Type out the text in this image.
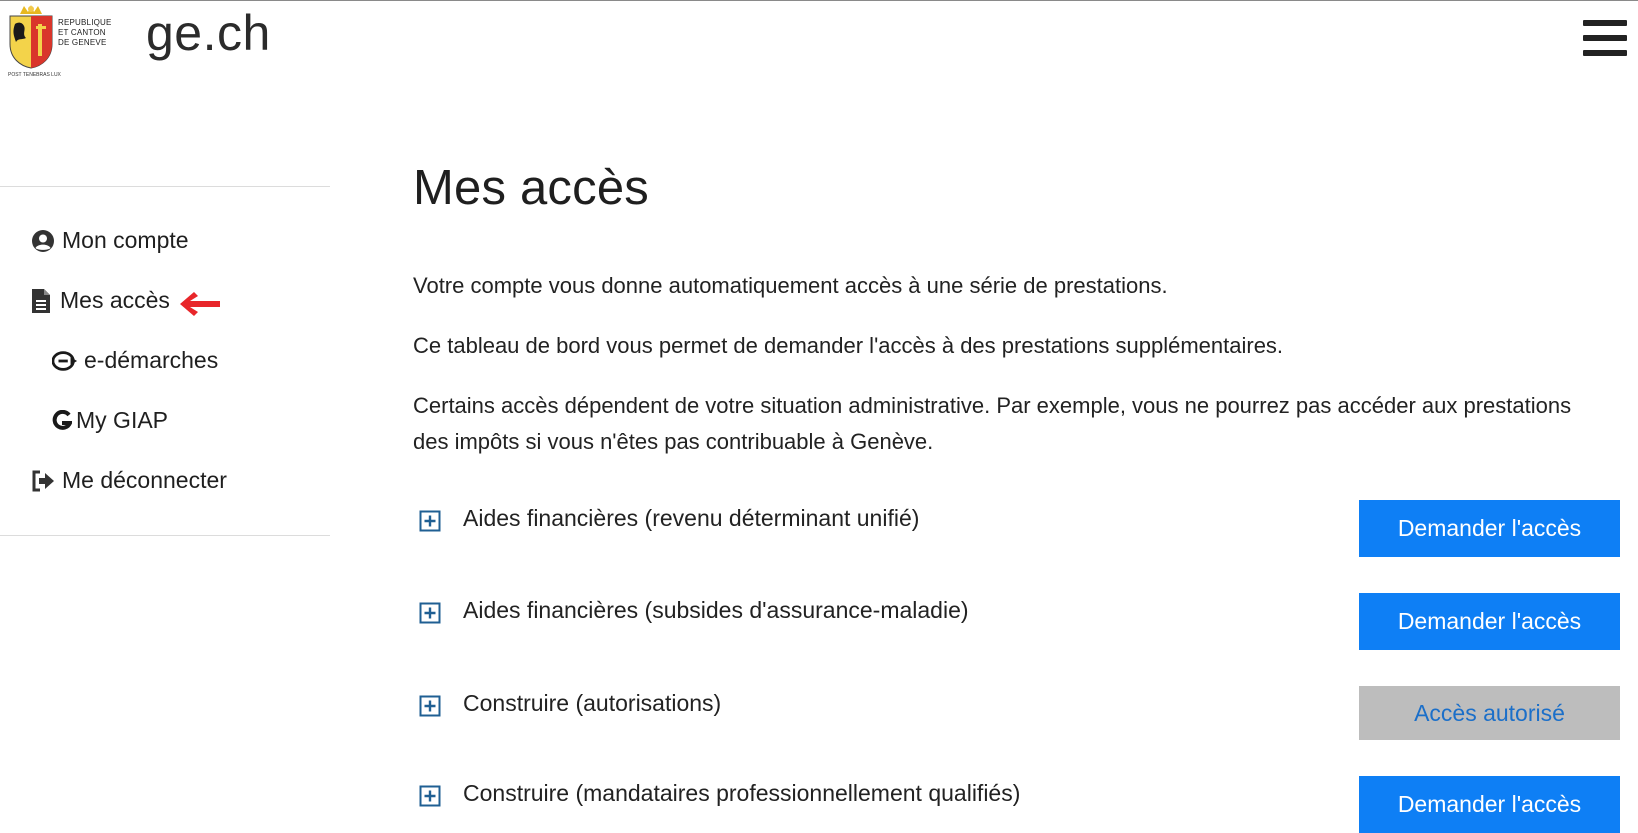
REPUBLIQUE
ET CANTON
DE GENEVE
POST TENEBRAS LUX
ge.ch
Mon compte
Mes accès
e-démarches
My GIAP
Me déconnecter
Mes accès
Votre compte vous donne automatiquement accès à une série de prestations.
Ce tableau de bord vous permet de demander l'accès à des prestations supplémentaires.
Certains accès dépendent de votre situation administrative. Par exemple, vous ne pourrez pas accéder aux prestations des impôts si vous n'êtes pas contribuable à Genève.
Aides financières (revenu déterminant unifié)	Demander l'accès
Aides financières (subsides d'assurance-maladie)	Demander l'accès
Construire (autorisations)	Accès autorisé
Construire (mandataires professionnellement qualifiés)	Demander l'accès
